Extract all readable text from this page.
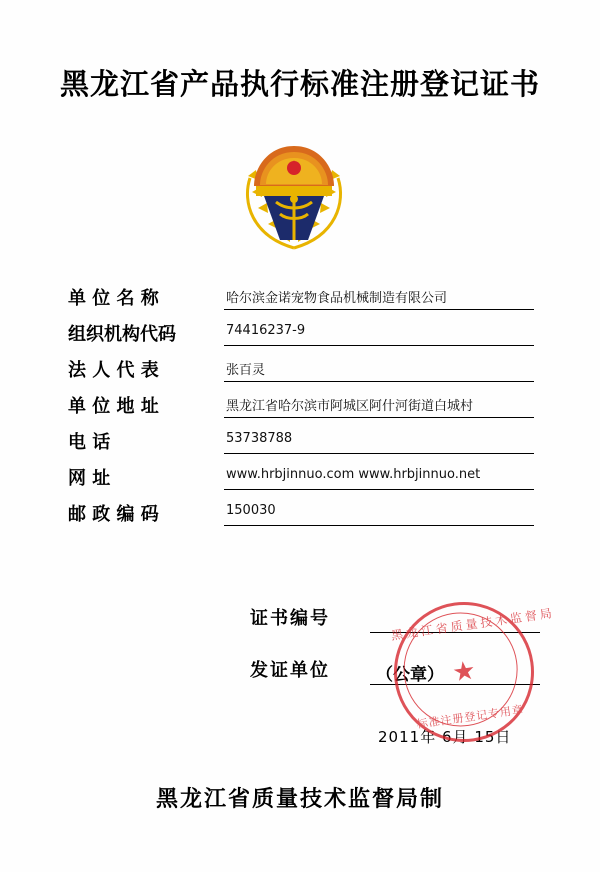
黑龙江省产品执行标准注册登记证书
单 位 名 称	哈尔滨金诺宠物食品机械制造有限公司
组织机构代码	74416237-9
法 人 代 表	张百灵
单 位 地 址	黑龙江省哈尔滨市阿城区阿什河街道白城村
电 话	53738788
网 址	www.hrbjinnuo.com www.hrbjinnuo.net
邮 政 编 码	150030
证书编号
发证单位	（公章）
2011年 6月 15日
黑龙江省质量技术监督局
★
标准注册登记专用章
黑龙江省质量技术监督局制
